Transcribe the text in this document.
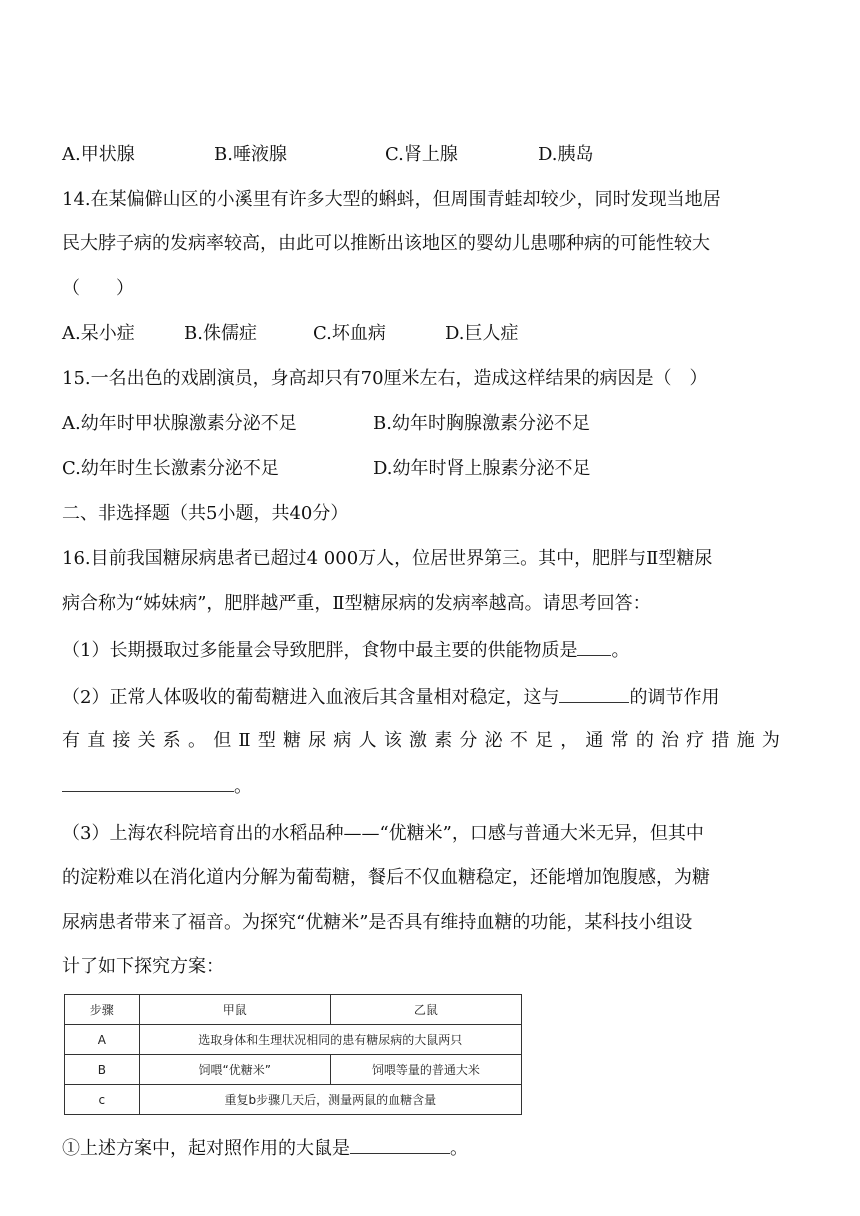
A.甲状腺	B.唾液腺	C.肾上腺	D.胰岛
14.在某偏僻山区的小溪里有许多大型的蝌蚪，但周围青蛙却较少，同时发现当地居
民大脖子病的发病率较高，由此可以推断出该地区的婴幼儿患哪种病的可能性较大
（　　）
A.呆小症	B.侏儒症	C.坏血病	D.巨人症
15.一名出色的戏剧演员，身高却只有70厘米左右，造成这样结果的病因是（　）
A.幼年时甲状腺激素分泌不足	B.幼年时胸腺激素分泌不足
C.幼年时生长激素分泌不足	D.幼年时肾上腺素分泌不足
二、非选择题（共5小题，共40分）
16.目前我国糖尿病患者已超过4 000万人，位居世界第三。其中，肥胖与Ⅱ型糖尿
病合称为“姊妹病”，肥胖越严重，Ⅱ型糖尿病的发病率越高。请思考回答：
（1）长期摄取过多能量会导致肥胖，食物中最主要的供能物质是 。
（2）正常人体吸收的葡萄糖进入血液后其含量相对稳定，这与	的调节作用
有直接关系。但Ⅱ型糖尿病人该激素分泌不足，通常的治疗措施为
。
（3）上海农科院培育出的水稻品种——“优糖米”，口感与普通大米无异，但其中
的淀粉难以在消化道内分解为葡萄糖，餐后不仅血糖稳定，还能增加饱腹感，为糖
尿病患者带来了福音。为探究“优糖米”是否具有维持血糖的功能，某科技小组设
计了如下探究方案：
步骤	甲鼠	乙鼠
A	选取身体和生理状况相同的患有糖尿病的大鼠两只	
B	饲喂“优糖米”	饲喂等量的普通大米
c	重复b步骤几天后，测量两鼠的血糖含量	
①上述方案中，起对照作用的大鼠是	。
